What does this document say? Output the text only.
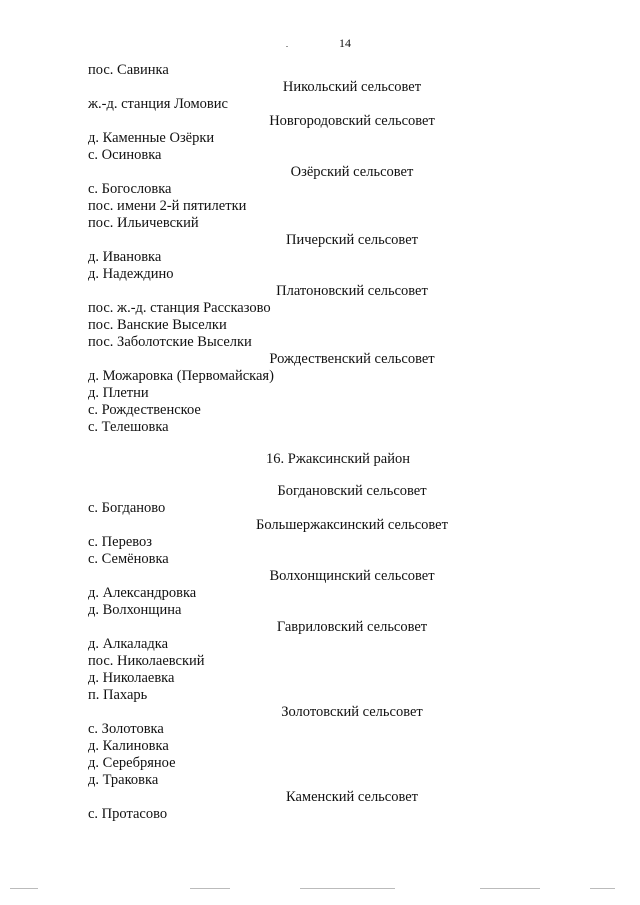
14
пос. Савинка
Никольский сельсовет
ж.-д. станция Ломовис
Новгородовский сельсовет
д. Каменные Озёрки
с. Осиновка
Озёрский сельсовет
с. Богословка
пос. имени 2-й пятилетки
пос. Ильичевский
Пичерский сельсовет
д. Ивановка
д. Надеждино
Платоновский сельсовет
пос. ж.-д. станция Рассказово
пос. Ванские Выселки
пос. Заболотские Выселки
Рождественский сельсовет
д. Можаровка (Первомайская)
д. Плетни
с. Рождественское
с. Телешовка
16. Ржаксинский район
Богдановский сельсовет
с. Богданово
Большержаксинский сельсовет
с. Перевоз
с. Семёновка
Волхонщинский сельсовет
д. Александровка
д. Волхонщина
Гавриловский сельсовет
д. Алкаладка
пос. Николаевский
д. Николаевка
п. Пахарь
Золотовский сельсовет
с. Золотовка
д. Калиновка
д. Серебряное
д. Траковка
Каменский сельсовет
с. Протасово
